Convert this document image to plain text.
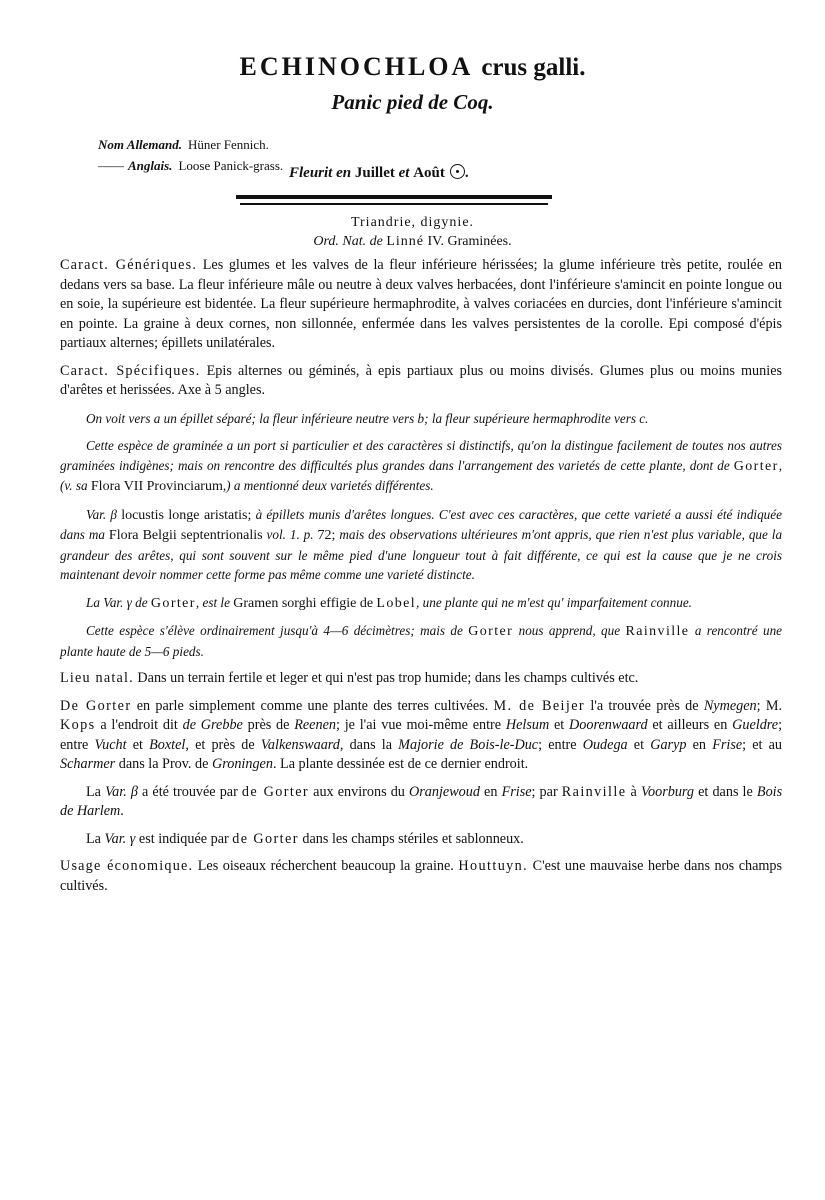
ECHINOCHLOA crus galli.
Panic pied de Coq.
Nom Allemand. Hüner Fennich.
—— Anglais. Loose Panick-grass. Fleurit en Juillet et Août .
Triandrie, digynie.
Ord. Nat. de Linné IV. Graminées.

Caract. Génériques. Les glumes et les valves de la fleur inférieure hérissées; la glume inférieure très petite, roulée en dedans vers sa base. La fleur inférieure mâle ou neutre à deux valves herbacées, dont l'inférieure s'amincit en pointe longue ou en soie, la supérieure est bidentée. La fleur supérieure hermaphrodite, à valves coriacées en durcies, dont l'inférieure s'amincit en pointe. La graine à deux cornes, non sillonnée, enfermée dans les valves persistentes de la corolle. Epi composé d'épis partiaux alternes; épillets unilatérales.

Caract. Spécifiques. Epis alternes ou géminés, à epis partiaux plus ou moins divisés. Glumes plus ou moins munies d'arêtes et herissées. Axe à 5 angles.

On voit vers a un épillet séparé; la fleur inférieure neutre vers b; la fleur supérieure hermaphrodite vers c.

Cette espèce de graminée a un port si particulier et des caractères si distinctifs, qu'on la distingue facilement de toutes nos autres graminées indigènes; mais on rencontre des difficultés plus grandes dans l'arrangement des varietés de cette plante, dont de Gorter, (v. sa Flora VII Provinciarum,) a mentionné deux varietés différentes.

Var. β locustis longe aristatis; à épillets munis d'arêtes longues. C'est avec ces caractères, que cette varieté a aussi été indiquée dans ma Flora Belgii septentrionalis vol. 1. p. 72; mais des observations ultérieures m'ont appris, que rien n'est plus variable, que la grandeur des arêtes, qui sont souvent sur le même pied d'une longueur tout à fait différente, ce qui est la cause que je ne crois maintenant devoir nommer cette forme pas même comme une varieté distincte.

La Var. γ de Gorter, est le Gramen sorghi effigie de Lobel, une plante qui ne m'est qu' imparfaitement connue.

Cette espèce s'élève ordinairement jusqu'à 4—6 décimètres; mais de Gorter nous apprend, que Rainville a rencontré une plante haute de 5—6 pieds.

Lieu natal. Dans un terrain fertile et leger et qui n'est pas trop humide; dans les champs cultivés etc.

De Gorter en parle simplement comme une plante des terres cultivées. M. de Beijer l'a trouvée près de Nymegen; M. Kops a l'endroit dit de Grebbe près de Reenen; je l'ai vue moi-même entre Helsum et Doorenwaard et ailleurs en Gueldre; entre Vucht et Boxtel, et près de Valkenswaard, dans la Majorie de Bois-le-Duc; entre Oudega et Garyp en Frise; et au Scharmer dans la Prov. de Groningen. La plante dessinée est de ce dernier endroit.

La Var. β a été trouvée par de Gorter aux environs du Oranjewoud en Frise; par Rainville à Voorburg et dans le Bois de Harlem.

La Var. γ est indiquée par de Gorter dans les champs stériles et sablonneux.

Usage économique. Les oiseaux récherchent beaucoup la graine. Houttuyn. C'est une mauvaise herbe dans nos champs cultivés.
